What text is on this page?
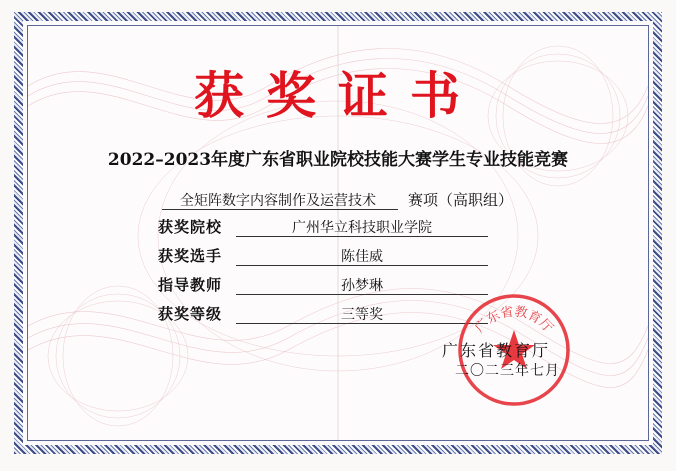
获奖证书
2022–2023年度广东省职业院校技能大赛学生专业技能竞赛
全矩阵数字内容制作及运营技术	赛项（高职组）
获奖院校	广州华立科技职业学院
获奖选手	陈佳威
指导教师	孙梦琳
获奖等级	三等奖
广东省教育厅
广东省教育厅
二〇二三年七月
